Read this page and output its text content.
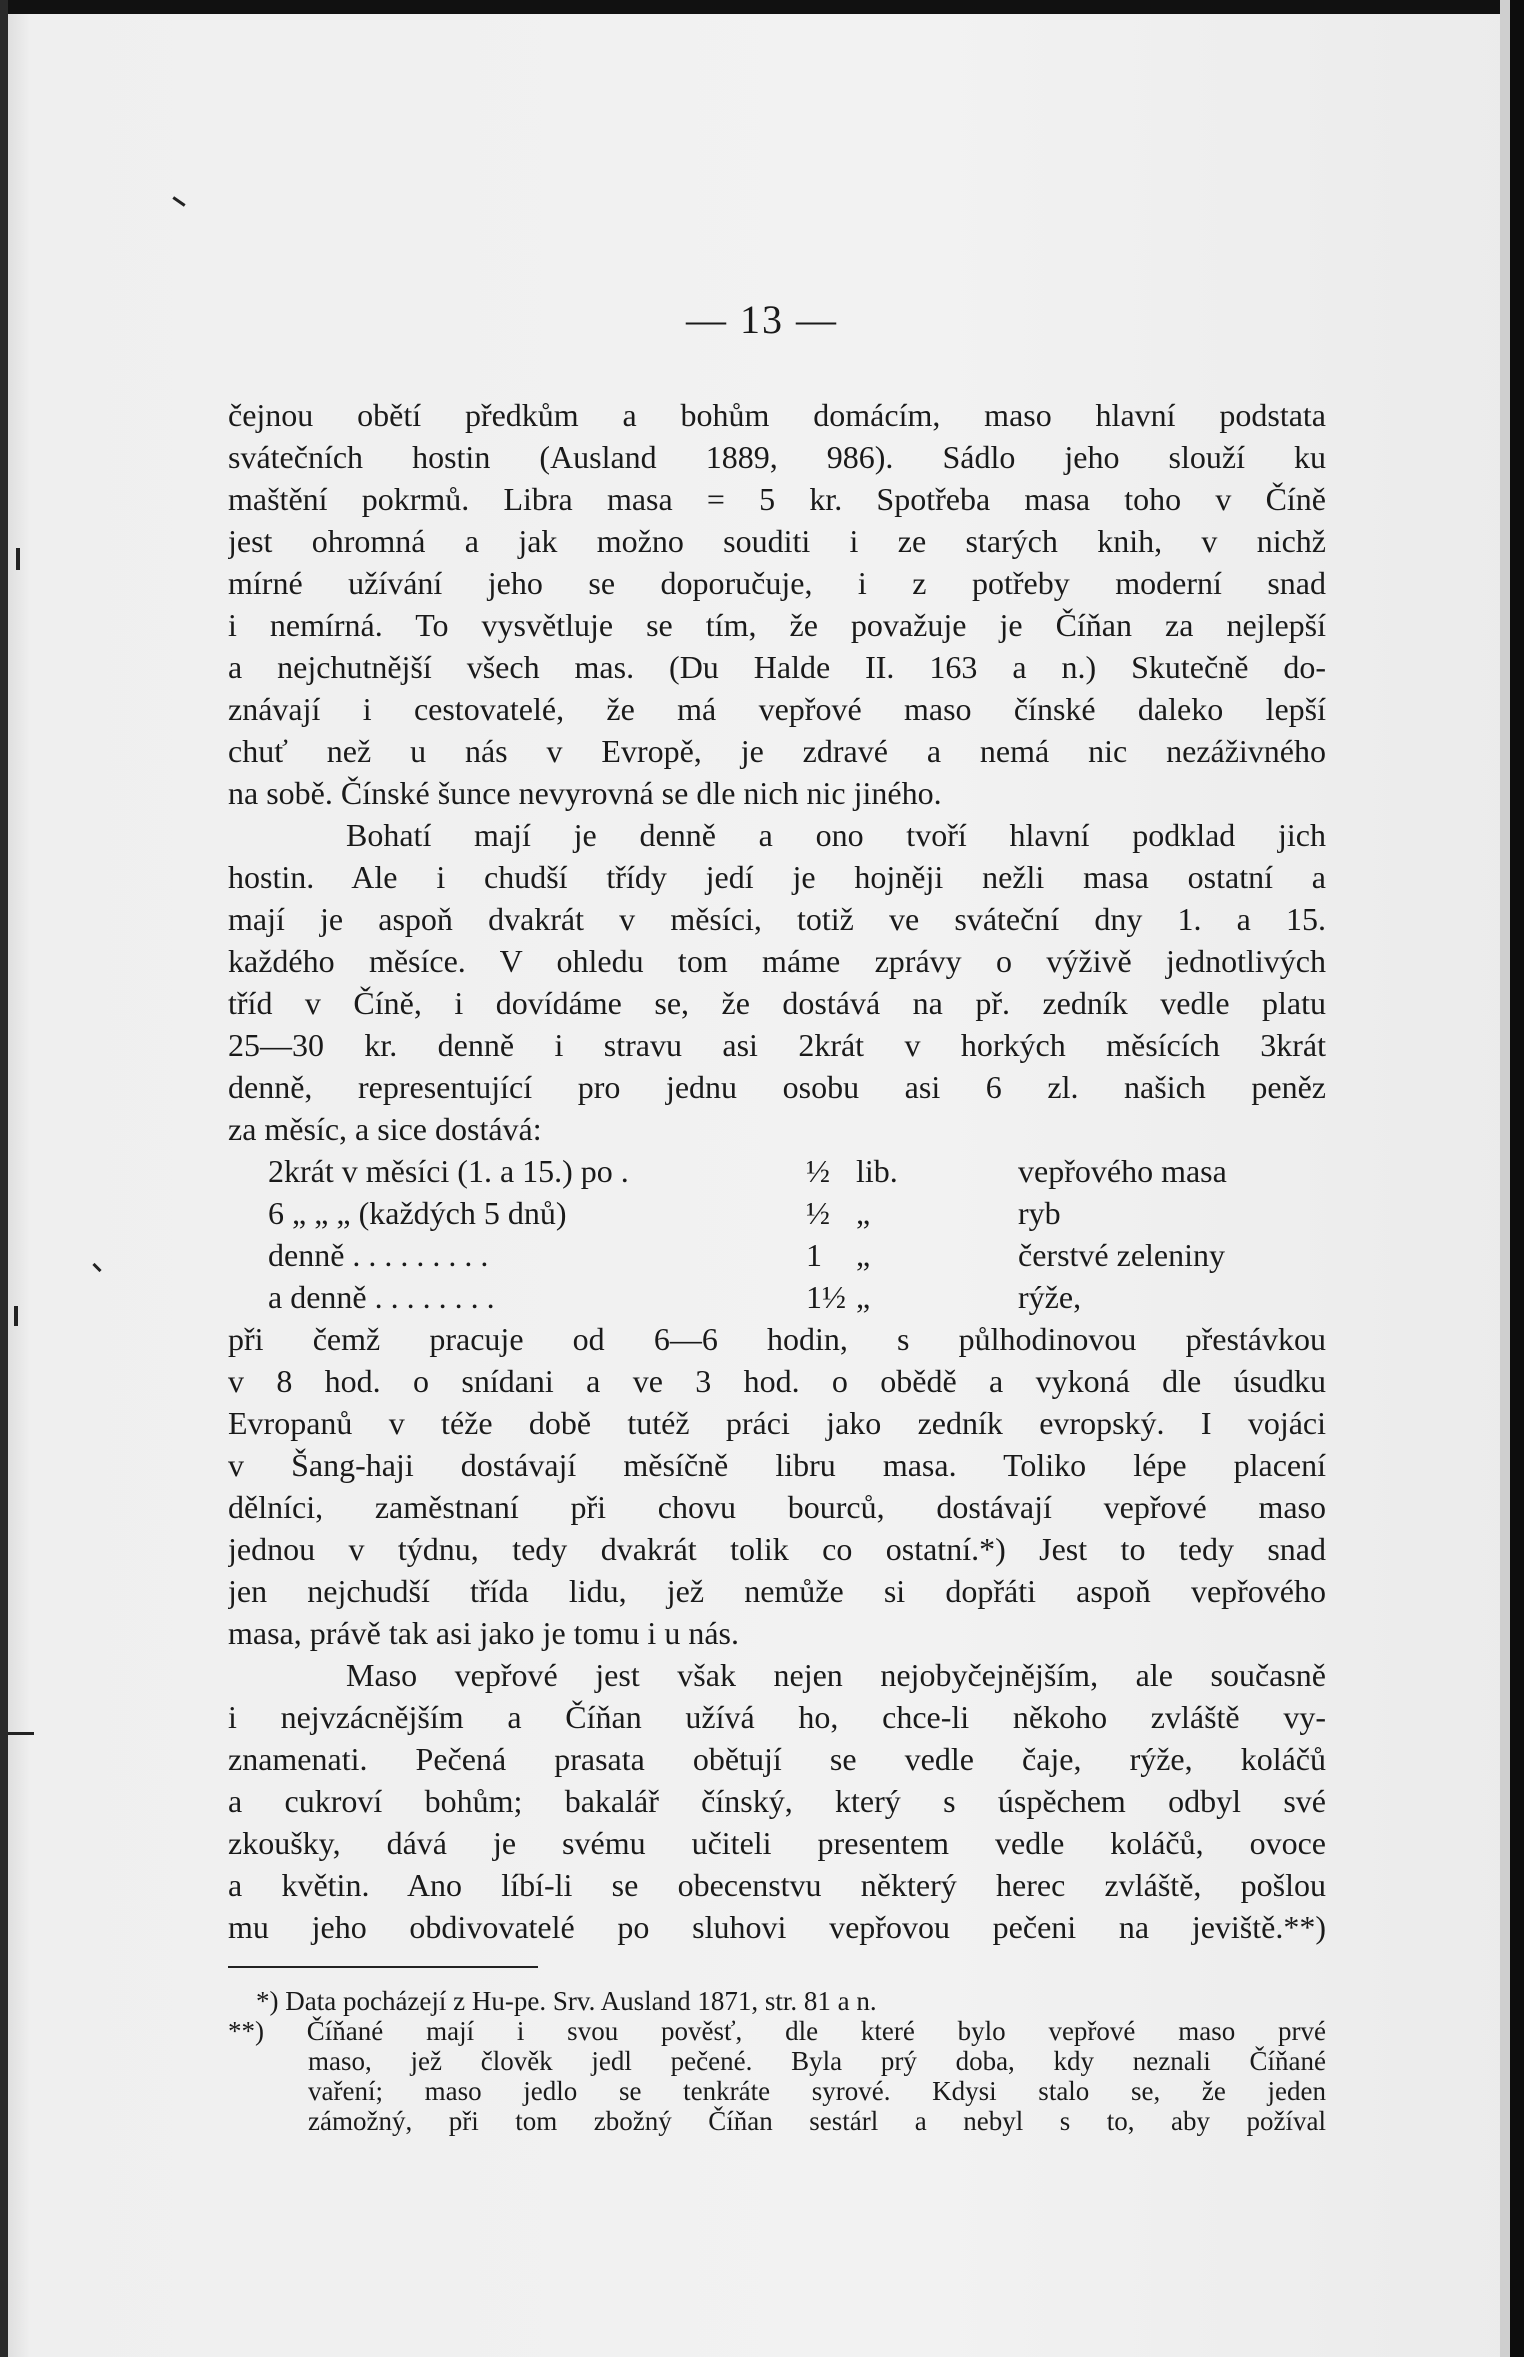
— 13 —
čejnou obětí předkům a bohům domácím, maso hlavní podstata
svátečních hostin (Ausland 1889, 986). Sádlo jeho slouží ku
maštění pokrmů. Libra masa = 5 kr. Spotřeba masa toho v Číně
jest ohromná a jak možno souditi i ze starých knih, v nichž
mírné užívání jeho se doporučuje, i z potřeby moderní snad
i nemírná. To vysvětluje se tím, že považuje je Číňan za nejlepší
a nejchutnější všech mas. (Du Halde II. 163 a n.) Skutečně do-
znávají i cestovatelé, že má vepřové maso čínské daleko lepší
chuť než u nás v Evropě, je zdravé a nemá nic nezáživného
na sobě. Čínské šunce nevyrovná se dle nich nic jiného.
Bohatí mají je denně a ono tvoří hlavní podklad jich
hostin. Ale i chudší třídy jedí je hojněji nežli masa ostatní a
mají je aspoň dvakrát v měsíci, totiž ve sváteční dny 1. a 15.
každého měsíce. V ohledu tom máme zprávy o výživě jednotlivých
tříd v Číně, i dovídáme se, že dostává na př. zedník vedle platu
25—30 kr. denně i stravu asi 2krát v horkých měsících 3krát
denně, representující pro jednu osobu asi 6 zl. našich peněz
za měsíc, a sice dostává:
2krát v měsíci (1. a 15.) po .	½ lib.	vepřového masa
6 „ „ „ (každých 5 dnů)	½ „	ryb
denně . . . . . . . . .	1 „	čerstvé zeleniny
a denně . . . . . . . .	1½ „	rýže,
při čemž pracuje od 6—6 hodin, s půlhodinovou přestávkou
v 8 hod. o snídani a ve 3 hod. o obědě a vykoná dle úsudku
Evropanů v téže době tutéž práci jako zedník evropský. I vojáci
v Šang-haji dostávají měsíčně libru masa. Toliko lépe placení
dělníci, zaměstnaní při chovu bourců, dostávají vepřové maso
jednou v týdnu, tedy dvakrát tolik co ostatní.*) Jest to tedy snad
jen nejchudší třída lidu, jež nemůže si dopřáti aspoň vepřového
masa, právě tak asi jako je tomu i u nás.
Maso vepřové jest však nejen nejobyčejnějším, ale současně
i nejvzácnějším a Číňan užívá ho, chce-li někoho zvláště vy-
znamenati. Pečená prasata obětují se vedle čaje, rýže, koláčů
a cukroví bohům; bakalář čínský, který s úspěchem odbyl své
zkoušky, dává je svému učiteli presentem vedle koláčů, ovoce
a květin. Ano líbí-li se obecenstvu některý herec zvláště, pošlou
mu jeho obdivovatelé po sluhovi vepřovou pečeni na jeviště.**)
*) Data pocházejí z Hu-pe. Srv. Ausland 1871, str. 81 a n.
**) Číňané mají i svou pověsť, dle které bylo vepřové maso prvé
maso, jež člověk jedl pečené. Byla prý doba, kdy neznali Číňané
vaření; maso jedlo se tenkráte syrové. Kdysi stalo se, že jeden
zámožný, při tom zbožný Číňan sestárl a nebyl s to, aby požíval
